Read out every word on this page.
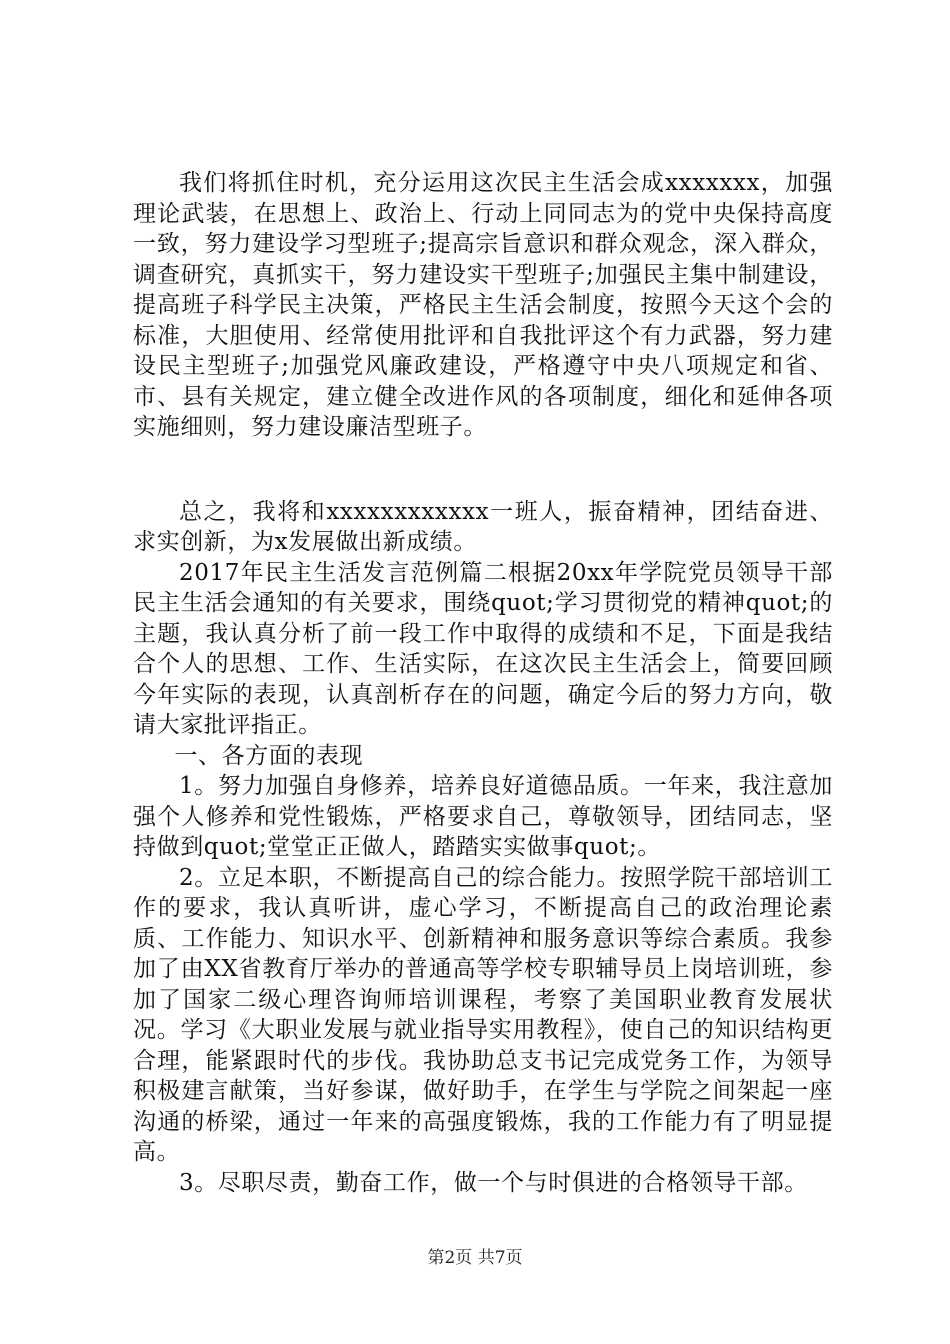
我们将抓住时机，充分运用这次民主生活会成xxxxxxx，加强理论武装，在思想上、政治上、行动上同同志为的党中央保持高度一致，努力建设学习型班子;提高宗旨意识和群众观念，深入群众，调查研究，真抓实干，努力建设实干型班子;加强民主集中制建设，提高班子科学民主决策，严格民主生活会制度，按照今天这个会的标准，大胆使用、经常使用批评和自我批评这个有力武器，努力建设民主型班子;加强党风廉政建设，严格遵守中央八项规定和省、市、县有关规定，建立健全改进作风的各项制度，细化和延伸各项实施细则，努力建设廉洁型班子。

总之，我将和xxxxxxxxxxxx一班人，振奋精神，团结奋进、求实创新，为x发展做出新成绩。

2017年民主生活发言范例篇二根据20xx年学院党员领导干部民主生活会通知的有关要求，围绕quot;学习贯彻党的精神quot;的主题，我认真分析了前一段工作中取得的成绩和不足，下面是我结合个人的思想、工作、生活实际，在这次民主生活会上，简要回顾今年实际的表现，认真剖析存在的问题，确定今后的努力方向，敬请大家批评指正。

一、各方面的表现

1。努力加强自身修养，培养良好道德品质。一年来，我注意加强个人修养和党性锻炼，严格要求自己，尊敬领导，团结同志，坚持做到quot;堂堂正正做人，踏踏实实做事quot;。

2。立足本职，不断提高自己的综合能力。按照学院干部培训工作的要求，我认真听讲，虚心学习，不断提高自己的政治理论素质、工作能力、知识水平、创新精神和服务意识等综合素质。我参加了由XX省教育厅举办的普通高等学校专职辅导员上岗培训班，参加了国家二级心理咨询师培训课程，考察了美国职业教育发展状况。学习《大职业发展与就业指导实用教程》，使自己的知识结构更合理，能紧跟时代的步伐。我协助总支书记完成党务工作，为领导积极建言献策，当好参谋，做好助手，在学生与学院之间架起一座沟通的桥梁，通过一年来的高强度锻炼，我的工作能力有了明显提高。

3。尽职尽责，勤奋工作，做一个与时俱进的合格领导干部。

第2页 共7页
